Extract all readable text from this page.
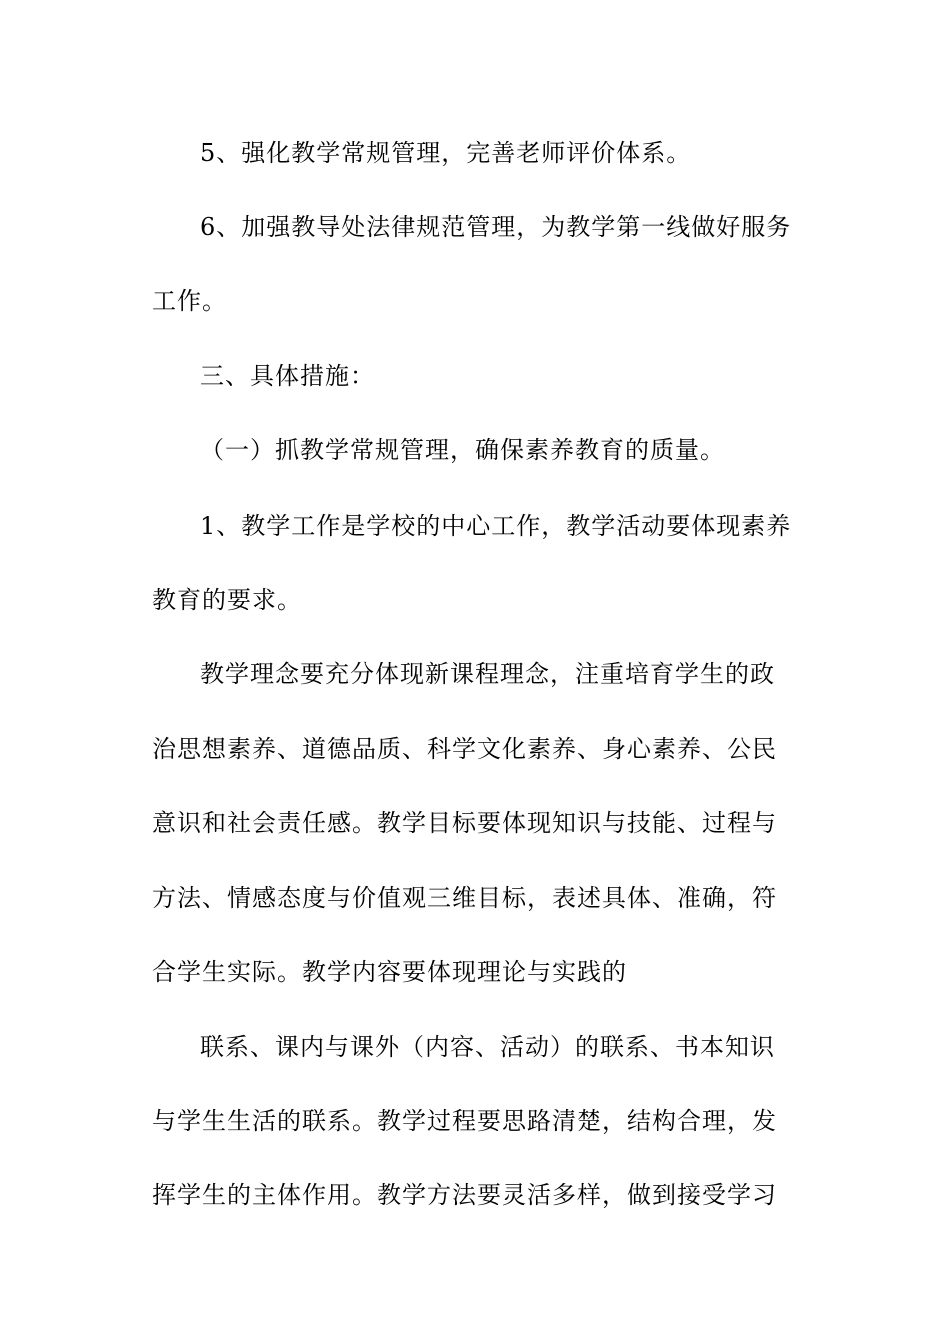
5、强化教学常规管理，完善老师评价体系。
6、加强教导处法律规范管理，为教学第一线做好服务
工作。
三、具体措施：
（一）抓教学常规管理，确保素养教育的质量。
1、教学工作是学校的中心工作，教学活动要体现素养
教育的要求。
教学理念要充分体现新课程理念，注重培育学生的政
治思想素养、道德品质、科学文化素养、身心素养、公民
意识和社会责任感。教学目标要体现知识与技能、过程与
方法、情感态度与价值观三维目标，表述具体、准确，符
合学生实际。教学内容要体现理论与实践的
联系、课内与课外（内容、活动）的联系、书本知识
与学生生活的联系。教学过程要思路清楚，结构合理，发
挥学生的主体作用。教学方法要灵活多样，做到接受学习
